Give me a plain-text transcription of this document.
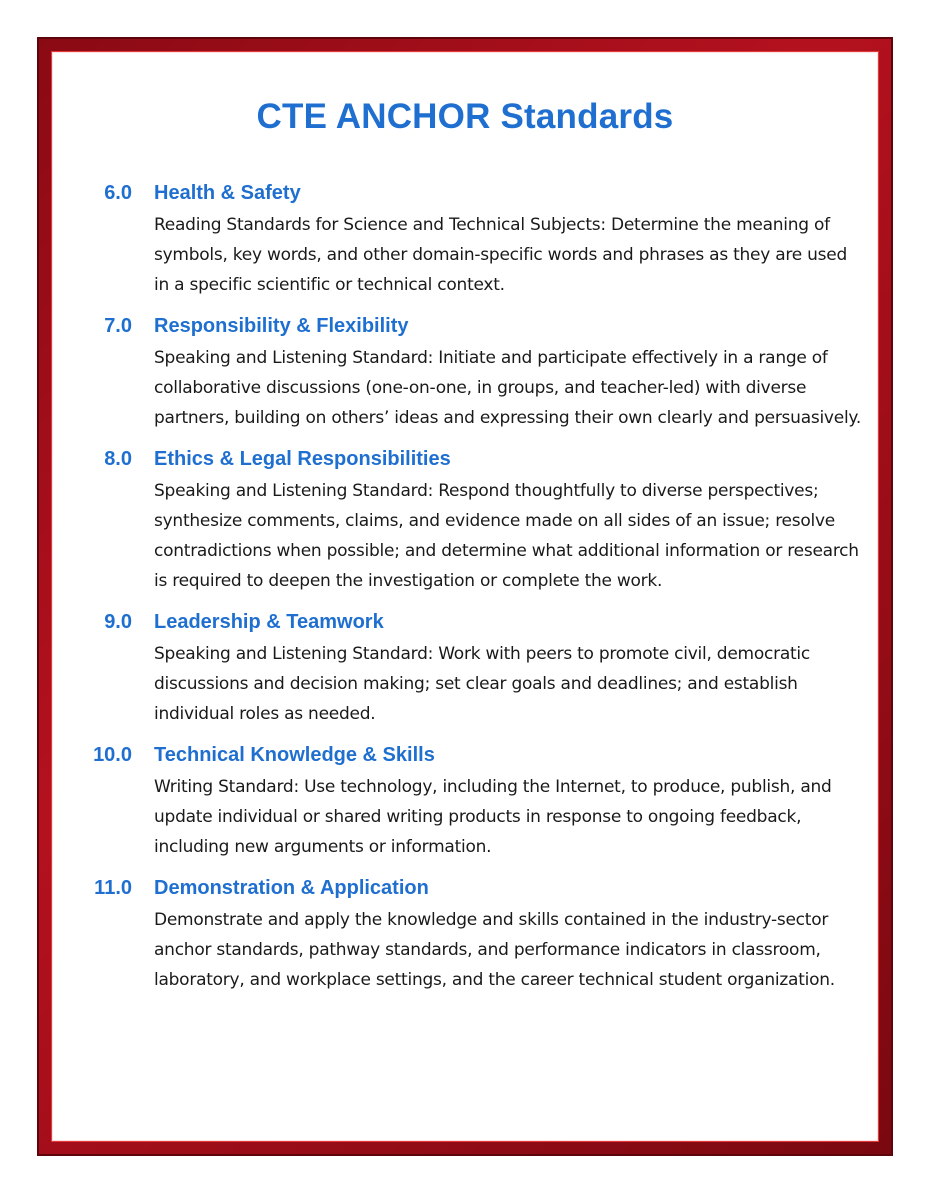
CTE ANCHOR Standards
6.0 Health & Safety

Reading Standards for Science and Technical Subjects: Determine the meaning of symbols, key words, and other domain-specific words and phrases as they are used in a specific scientific or technical context.

7.0 Responsibility & Flexibility

Speaking and Listening Standard: Initiate and participate effectively in a range of collaborative discussions (one-on-one, in groups, and teacher-led) with diverse partners, building on others’ ideas and expressing their own clearly and persuasively.

8.0 Ethics & Legal Responsibilities

Speaking and Listening Standard: Respond thoughtfully to diverse perspectives; synthesize comments, claims, and evidence made on all sides of an issue; resolve contradictions when possible; and determine what additional information or research is required to deepen the investigation or complete the work.

9.0 Leadership & Teamwork

Speaking and Listening Standard: Work with peers to promote civil, democratic discussions and decision making; set clear goals and deadlines; and establish individual roles as needed.

10.0 Technical Knowledge & Skills

Writing Standard: Use technology, including the Internet, to produce, publish, and update individual or shared writing products in response to ongoing feedback, including new arguments or information.

11.0 Demonstration & Application

Demonstrate and apply the knowledge and skills contained in the industry-sector anchor standards, pathway standards, and performance indicators in classroom, laboratory, and workplace settings, and the career technical student organization.
